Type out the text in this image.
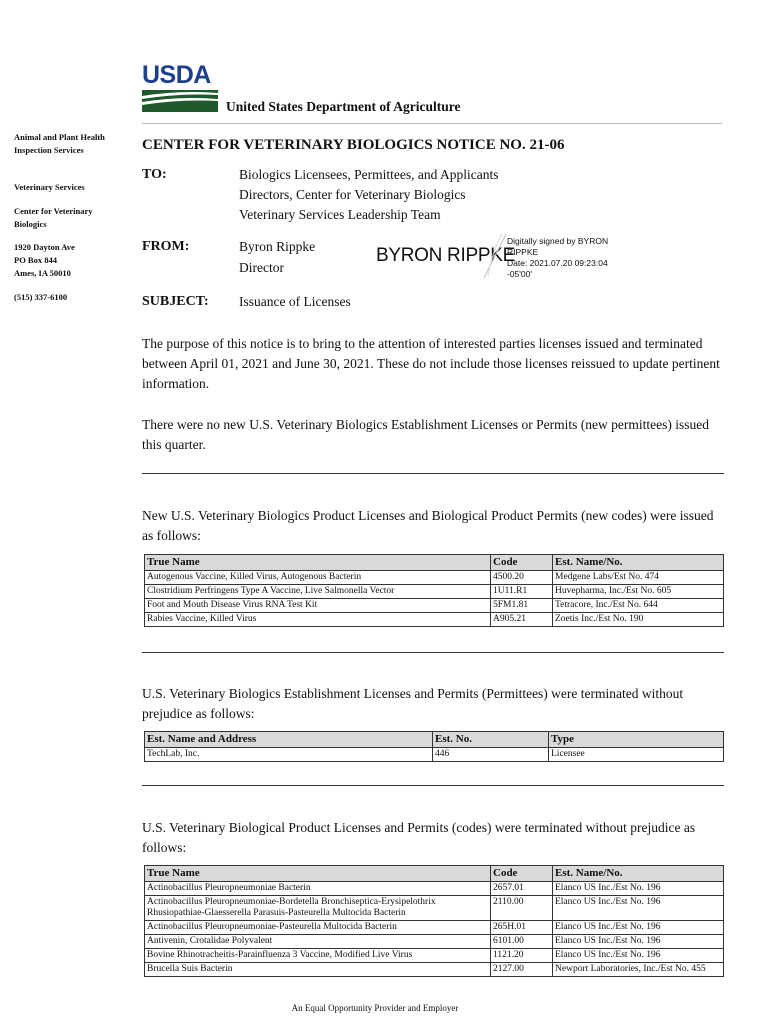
USDA
United States Department of Agriculture
Animal and Plant Health Inspection Services
Veterinary Services
Center for Veterinary Biologics
1920 Dayton Ave
PO Box 844
Ames, IA 50010
(515) 337-6100
CENTER FOR VETERINARY BIOLOGICS NOTICE NO. 21-06
TO:	Biologics Licensees, Permittees, and Applicants
Directors, Center for Veterinary Biologics
Veterinary Services Leadership Team
FROM:	Byron Rippke
Director
BYRON RIPPKE
Digitally signed by BYRON
RIPPKE
Date: 2021.07.20 09:23:04
-05'00'
SUBJECT: Issuance of Licenses
The purpose of this notice is to bring to the attention of interested parties licenses issued and terminated between April 01, 2021 and June 30, 2021. These do not include those licenses reissued to update pertinent information.
There were no new U.S. Veterinary Biologics Establishment Licenses or Permits (new permittees) issued this quarter.
New U.S. Veterinary Biologics Product Licenses and Biological Product Permits (new codes) were issued as follows:
True Name	Code	Est. Name/No.
Autogenous Vaccine, Killed Virus, Autogenous Bacterin	4500.20	Medgene Labs/Est No. 474
Clostridium Perfringens Type A Vaccine, Live Salmonella Vector	1U11.R1	Huvepharma, Inc./Est No. 605
Foot and Mouth Disease Virus RNA Test Kit	5FM1.81	Tetracore, Inc./Est No. 644
Rabies Vaccine, Killed Virus	A905.21	Zoetis Inc./Est No. 190
U.S. Veterinary Biologics Establishment Licenses and Permits (Permittees) were terminated without prejudice as follows:
Est. Name and Address	Est. No.	Type
TechLab, Inc.	446	Licensee
U.S. Veterinary Biological Product Licenses and Permits (codes) were terminated without prejudice as follows:
True Name	Code	Est. Name/No.
Actinobacillus Pleuropneumoniae Bacterin	2657.01	Elanco US Inc./Est No. 196
Actinobacillus Pleuropneumoniae-Bordetella Bronchiseptica-Erysipelothrix Rhusiopathiae-Glaesserella Parasuis-Pasteurella Multocida Bacterin	2110.00	Elanco US Inc./Est No. 196
Actinobacillus Pleuropneumoniae-Pasteurella Multocida Bacterin	265H.01	Elanco US Inc./Est No. 196
Antivenin, Crotalidae Polyvalent	6101.00	Elanco US Inc./Est No. 196
Bovine Rhinotracheitis-Parainfluenza 3 Vaccine, Modified Live Virus	1121.20	Elanco US Inc./Est No. 196
Brucella Suis Bacterin	2127.00	Newport Laboratories, Inc./Est No. 455
An Equal Opportunity Provider and Employer
